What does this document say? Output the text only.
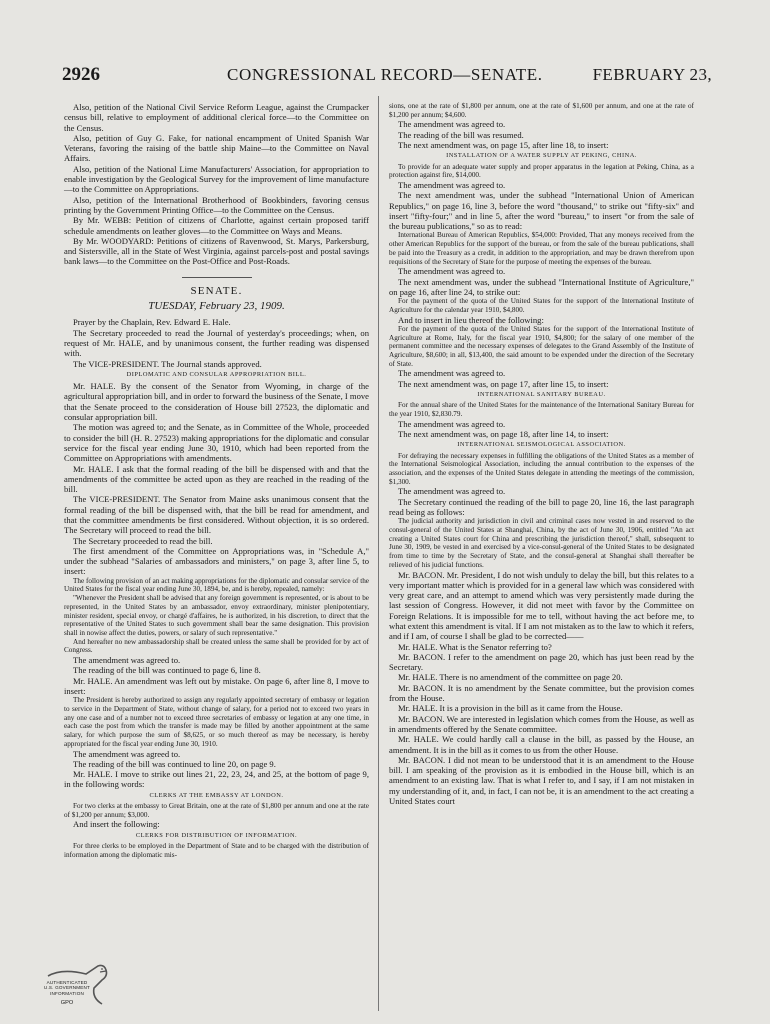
2926	CONGRESSIONAL RECORD—SENATE.	FEBRUARY 23,

Also, petition of the National Civil Service Reform League, against the Crumpacker census bill, relative to employment of additional clerical force—to the Committee on the Census.

Also, petition of Guy G. Fake, for national encampment of United Spanish War Veterans, favoring the raising of the battle ship Maine—to the Committee on Naval Affairs.

Also, petition of the National Lime Manufacturers' Association, for appropriation to enable investigation by the Geological Survey for the improvement of lime manufacture—to the Committee on Appropriations.

Also, petition of the International Brotherhood of Bookbinders, favoring census printing by the Government Printing Office—to the Committee on the Census.

By Mr. WEBB: Petition of citizens of Charlotte, against certain proposed tariff schedule amendments on leather gloves—to the Committee on Ways and Means.

By Mr. WOODYARD: Petitions of citizens of Ravenwood, St. Marys, Parkersburg, and Sistersville, all in the State of West Virginia, against parcels-post and postal savings bank laws—to the Committee on the Post-Office and Post-Roads.

SENATE.
TUESDAY, February 23, 1909.

Prayer by the Chaplain, Rev. Edward E. Hale.

The Secretary proceeded to read the Journal of yesterday's proceedings; when, on request of Mr. HALE, and by unanimous consent, the further reading was dispensed with.

The VICE-PRESIDENT. The Journal stands approved.

DIPLOMATIC AND CONSULAR APPROPRIATION BILL.

Mr. HALE. By the consent of the Senator from Wyoming, in charge of the agricultural appropriation bill, and in order to forward the business of the Senate, I move that the Senate proceed to the consideration of House bill 27523, the diplomatic and consular appropriation bill.

The motion was agreed to; and the Senate, as in Committee of the Whole, proceeded to consider the bill (H. R. 27523) making appropriations for the diplomatic and consular service for the fiscal year ending June 30, 1910, which had been reported from the Committee on Appropriations with amendments.

Mr. HALE. I ask that the formal reading of the bill be dispensed with and that the amendments of the committee be acted upon as they are reached in the reading of the bill.

The VICE-PRESIDENT. The Senator from Maine asks unanimous consent that the formal reading of the bill be dispensed with, that the bill be read for amendment, and that the committee amendments be first considered. Without objection, it is so ordered. The Secretary will proceed to read the bill.

The Secretary proceeded to read the bill.

The first amendment of the Committee on Appropriations was, in "Schedule A," under the subhead "Salaries of ambassadors and ministers," on page 3, after line 5, to insert:

The following provision of an act making appropriations for the diplomatic and consular service of the United States for the fiscal year ending June 30, 1894, be, and is hereby, repealed, namely:

"Whenever the President shall be advised that any foreign government is represented, or is about to be represented, in the United States by an ambassador, envoy extraordinary, minister plenipotentiary, minister resident, special envoy, or chargé d'affaires, he is authorized, in his discretion, to direct that the representative of the United States to such government shall bear the same designation. This provision shall in nowise affect the duties, powers, or salary of such representative."

And hereafter no new ambassadorship shall be created unless the same shall be provided for by act of Congress.

The amendment was agreed to.

The reading of the bill was continued to page 6, line 8.

Mr. HALE. An amendment was left out by mistake. On page 6, after line 8, I move to insert:

The President is hereby authorized to assign any regularly appointed secretary of embassy or legation to service in the Department of State, without change of salary, for a period not to exceed two years in any one case and of a number not to exceed three secretaries of embassy or legation at any one time, in each case the post from which the transfer is made may be filled by another appointment at the same salary, for which purpose the sum of $8,625, or so much thereof as may be necessary, is hereby appropriated for the fiscal year ending June 30, 1910.

The amendment was agreed to.

The reading of the bill was continued to line 20, on page 9.

Mr. HALE. I move to strike out lines 21, 22, 23, 24, and 25, at the bottom of page 9, in the following words:

CLERKS AT THE EMBASSY AT LONDON.

For two clerks at the embassy to Great Britain, one at the rate of $1,800 per annum and one at the rate of $1,200 per annum; $3,000.

And insert the following:

CLERKS FOR DISTRIBUTION OF INFORMATION.

For three clerks to be employed in the Department of State and to be charged with the distribution of information among the diplomatic mis-

sions, one at the rate of $1,800 per annum, one at the rate of $1,600 per annum, and one at the rate of $1,200 per annum; $4,600.

The amendment was agreed to.

The reading of the bill was resumed.

The next amendment was, on page 15, after line 18, to insert:

INSTALLATION OF A WATER SUPPLY AT PEKING, CHINA.

To provide for an adequate water supply and proper apparatus in the legation at Peking, China, as a protection against fire, $14,000.

The amendment was agreed to.

The next amendment was, under the subhead "International Union of American Republics," on page 16, line 3, before the word "thousand," to strike out "fifty-six" and insert "fifty-four;" and in line 5, after the word "bureau," to insert "or from the sale of the bureau publications," so as to read:

International Bureau of American Republics, $54,000: Provided, That any moneys received from the other American Republics for the support of the bureau, or from the sale of the bureau publications, shall be paid into the Treasury as a credit, in addition to the appropriation, and may be drawn therefrom upon requisitions of the Secretary of State for the purpose of meeting the expenses of the bureau.

The amendment was agreed to.

The next amendment was, under the subhead "International Institute of Agriculture," on page 16, after line 24, to strike out:

For the payment of the quota of the United States for the support of the International Institute of Agriculture for the calendar year 1910, $4,800.

And to insert in lieu thereof the following:

For the payment of the quota of the United States for the support of the International Institute of Agriculture at Rome, Italy, for the fiscal year 1910, $4,800; for the salary of one member of the permanent committee and the necessary expenses of delegates to the Grand Assembly of the Institute of Agriculture, $8,600; in all, $13,400, the said amount to be expended under the direction of the Secretary of State.

The amendment was agreed to.

The next amendment was, on page 17, after line 15, to insert:

INTERNATIONAL SANITARY BUREAU.

For the annual share of the United States for the maintenance of the International Sanitary Bureau for the year 1910, $2,830.79.

The amendment was agreed to.

The next amendment was, on page 18, after line 14, to insert:

INTERNATIONAL SEISMOLOGICAL ASSOCIATION.

For defraying the necessary expenses in fulfilling the obligations of the United States as a member of the International Seismological Association, including the annual contribution to the expenses of the association, and the expenses of the United States delegate in attending the meetings of the commission, $1,300.

The amendment was agreed to.

The Secretary continued the reading of the bill to page 20, line 16, the last paragraph read being as follows:

The judicial authority and jurisdiction in civil and criminal cases now vested in and reserved to the consul-general of the United States at Shanghai, China, by the act of June 30, 1906, entitled "An act creating a United States court for China and prescribing the jurisdiction thereof," shall, subsequent to June 30, 1909, be vested in and exercised by a vice-consul-general of the United States to be designated from time to time by the Secretary of State, and the consul-general at Shanghai shall thereafter be relieved of his judicial functions.

Mr. BACON. Mr. President, I do not wish unduly to delay the bill, but this relates to a very important matter which is provided for in a general law which was considered with very great care, and an attempt to amend which was very persistently made during the last session of Congress. However, it did not meet with favor by the Committee on Foreign Relations. It is impossible for me to tell, without having the act before me, to what extent this amendment is vital. If I am not mistaken as to the law to which it refers, and if I am, of course I shall be glad to be corrected——

Mr. HALE. What is the Senator referring to?

Mr. BACON. I refer to the amendment on page 20, which has just been read by the Secretary.

Mr. HALE. There is no amendment of the committee on page 20.

Mr. BACON. It is no amendment by the Senate committee, but the provision comes from the House.

Mr. HALE. It is a provision in the bill as it came from the House.

Mr. BACON. We are interested in legislation which comes from the House, as well as in amendments offered by the Senate committee.

Mr. HALE. We could hardly call a clause in the bill, as passed by the House, an amendment. It is in the bill as it comes to us from the other House.

Mr. BACON. I did not mean to be understood that it is an amendment to the House bill. I am speaking of the provision as it is embodied in the House bill, which is an amendment to an existing law. That is what I refer to, and I say, if I am not mistaken in my understanding of it, and, in fact, I can not be, it is an amendment to the act creating a United States court

AUTHENTICATED U.S. GOVERNMENT INFORMATION
GPO
